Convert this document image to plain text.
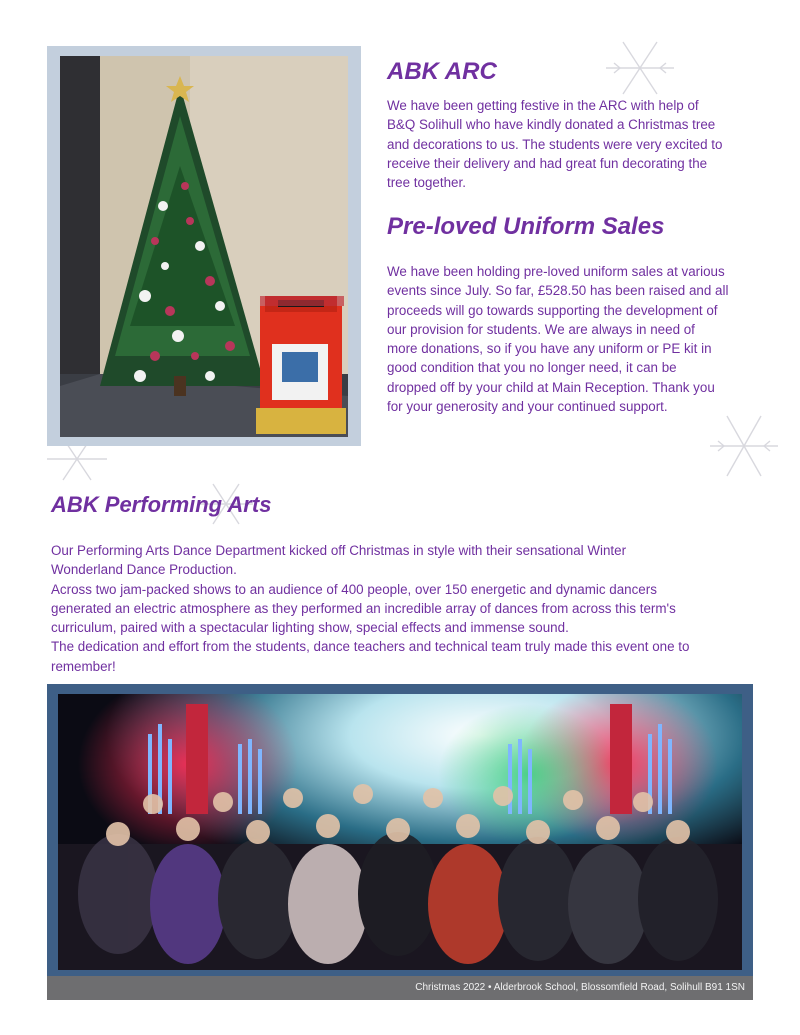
ABK ARC

We have been getting festive in the ARC with help of

B&Q Solihull who have kindly donated a Christmas tree

and decorations to us. The students were very excited to

receive their delivery and had great fun decorating the

tree together.

Pre-loved Uniform Sales

We have been holding pre-loved uniform sales at various

events since July. So far, £528.50 has been raised and all

proceeds will go towards supporting the development of

our provision for students. We are always in need of

more donations, so if you have any uniform or PE kit in

good condition that you no longer need, it can be

dropped off by your child at Main Reception. Thank you

for your generosity and your continued support.

ABK Performing Arts

Our Performing Arts Dance Department kicked off Christmas in style with their sensational Winter

Wonderland Dance Production.

Across two jam-packed shows to an audience of 400 people, over 150 energetic and dynamic dancers

generated an electric atmosphere as they performed an incredible array of dances from across this term's

curriculum, paired with a spectacular lighting show, special effects and immense sound.

The dedication and effort from the students, dance teachers and technical team truly made this event one to

remember!

Christmas 2022 • Alderbrook School, Blossomfield Road, Solihull B91 1SN
